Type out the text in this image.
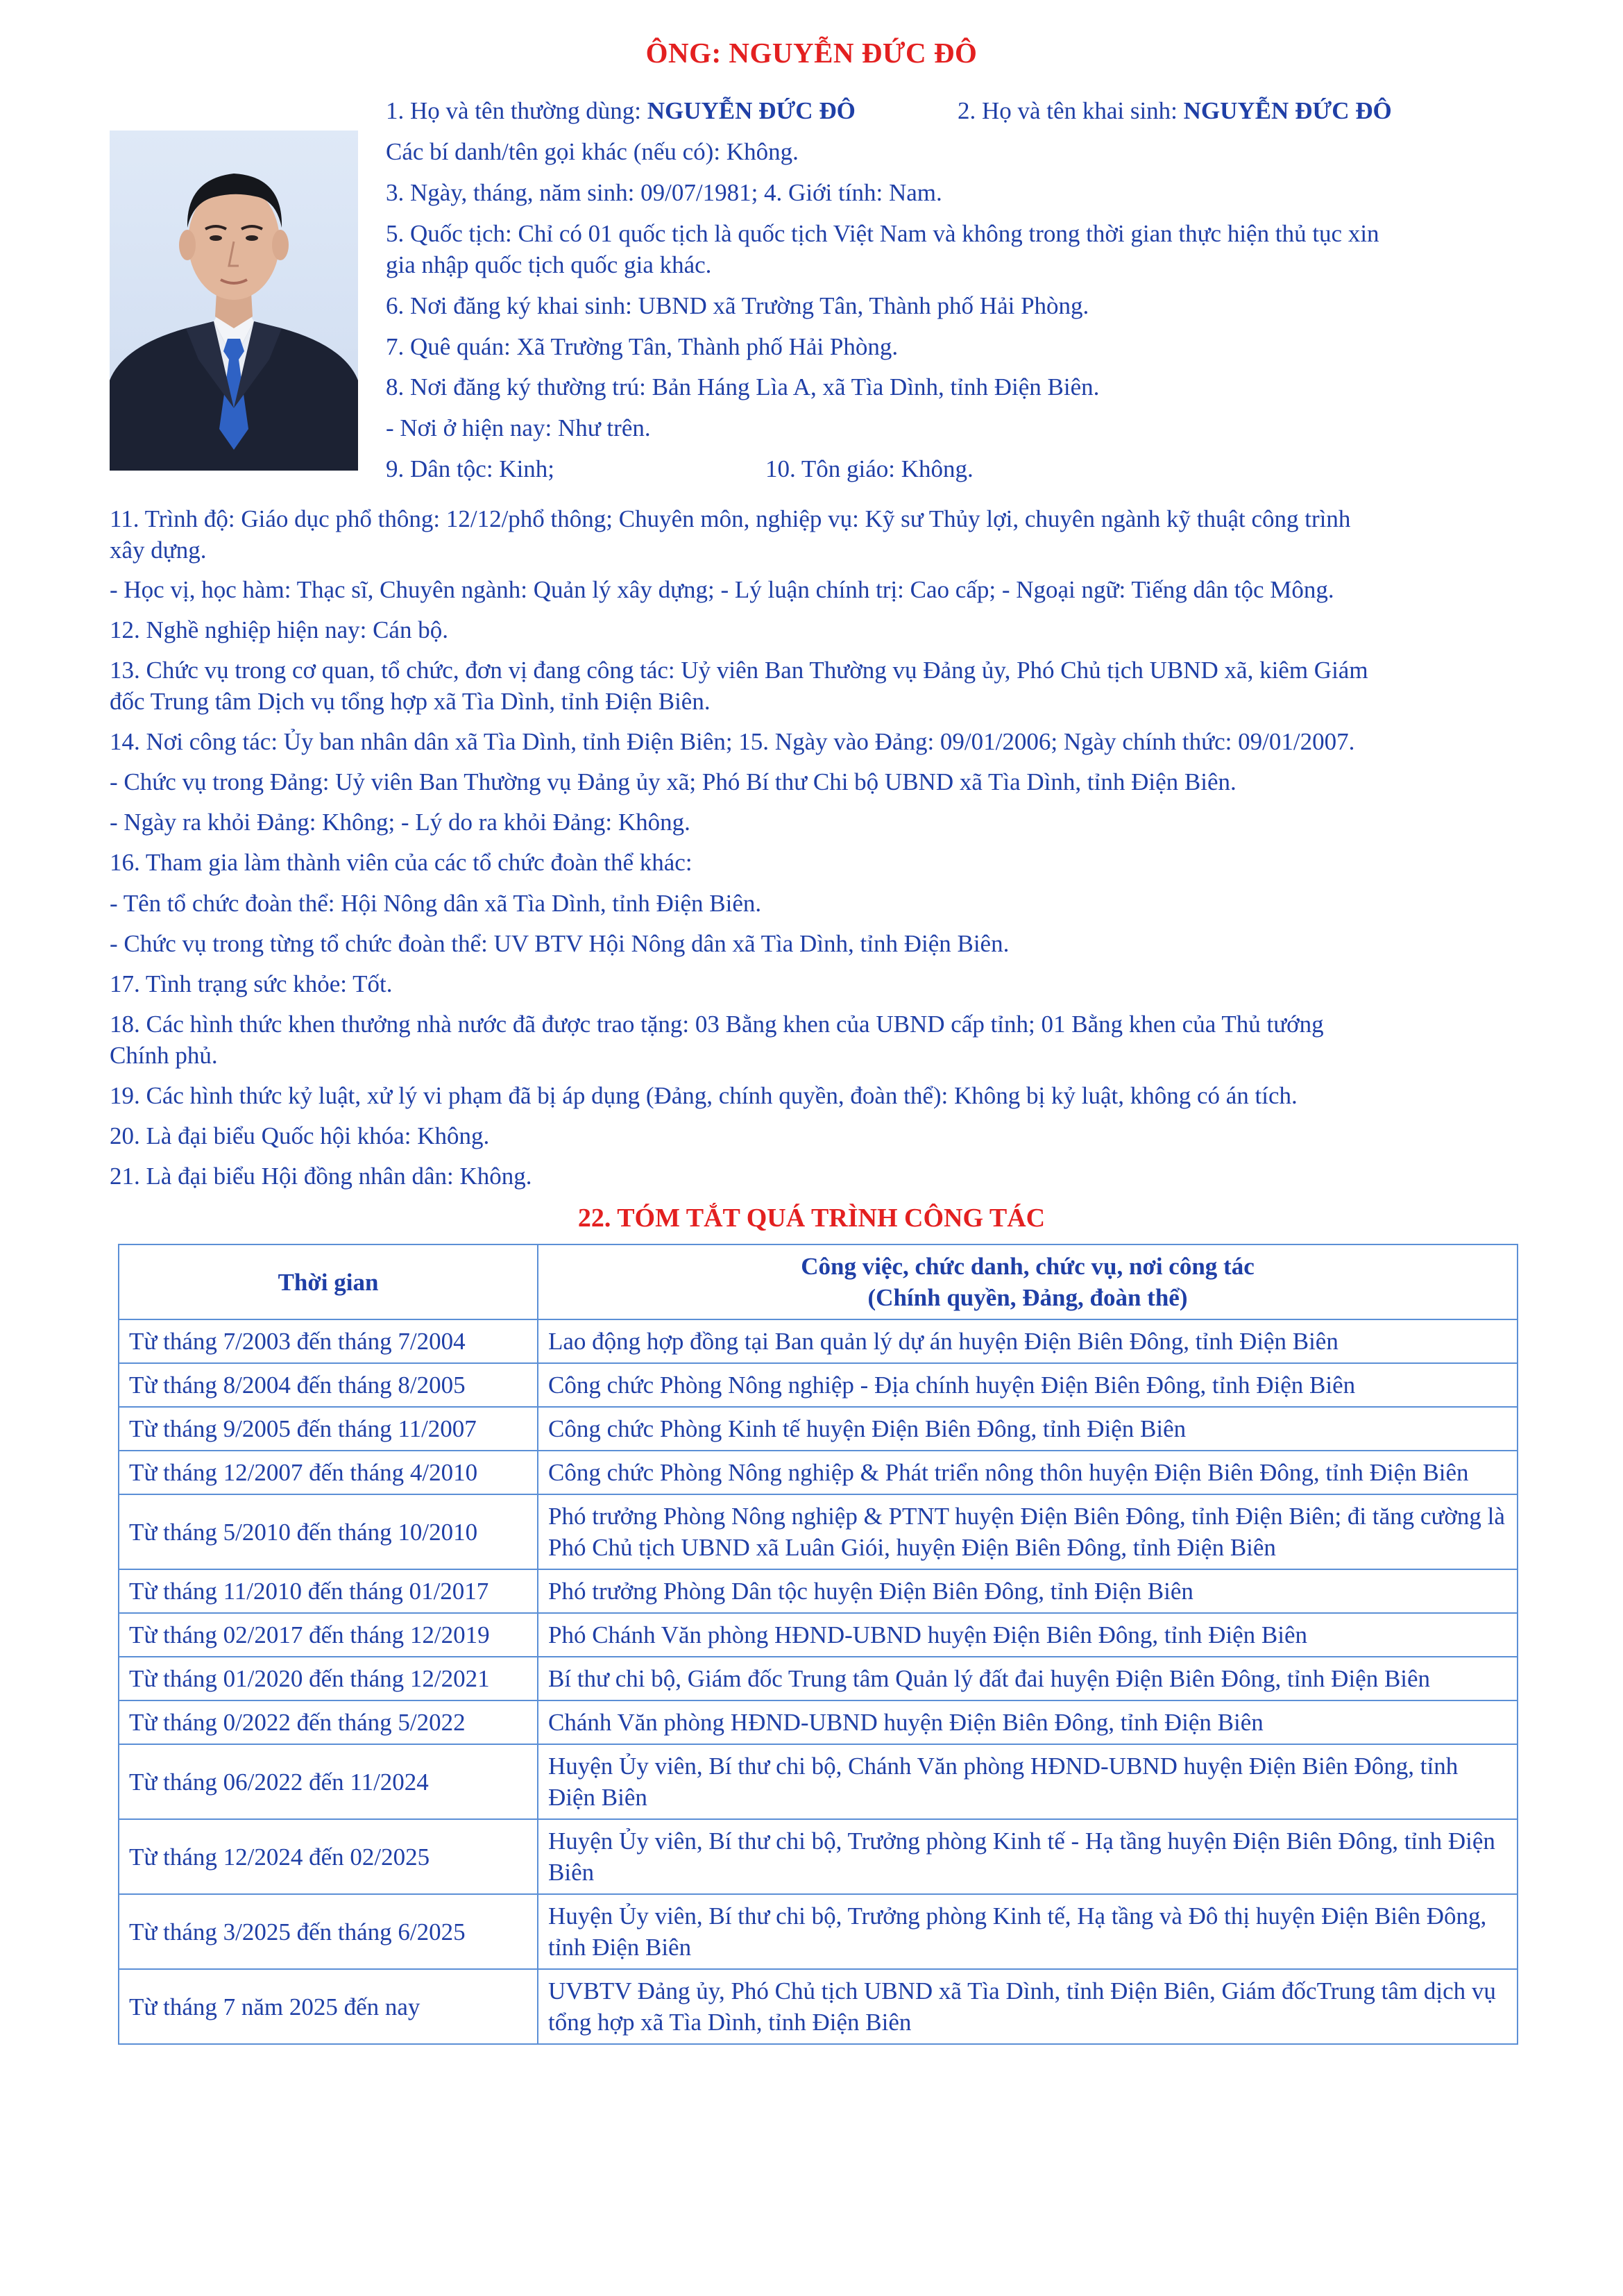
ÔNG: NGUYỄN ĐỨC ĐÔ
1. Họ và tên thường dùng: NGUYỄN ĐỨC ĐÔ	2. Họ và tên khai sinh: NGUYỄN ĐỨC ĐÔ
Các bí danh/tên gọi khác (nếu có): Không.
3. Ngày, tháng, năm sinh: 09/07/1981; 4. Giới tính: Nam.
5. Quốc tịch: Chỉ có 01 quốc tịch là quốc tịch Việt Nam và không trong thời gian thực hiện thủ tục xin
gia nhập quốc tịch quốc gia khác.
6. Nơi đăng ký khai sinh: UBND xã Trường Tân, Thành phố Hải Phòng.
7. Quê quán: Xã Trường Tân, Thành phố Hải Phòng.
8. Nơi đăng ký thường trú: Bản Háng Lìa A, xã Tìa Dình, tỉnh Điện Biên.
- Nơi ở hiện nay: Như trên.
9. Dân tộc: Kinh;	10. Tôn giáo: Không.
11. Trình độ: Giáo dục phổ thông: 12/12/phổ thông; Chuyên môn, nghiệp vụ: Kỹ sư Thủy lợi, chuyên ngành kỹ thuật công trình
xây dựng.
- Học vị, học hàm: Thạc sĩ, Chuyên ngành: Quản lý xây dựng; - Lý luận chính trị: Cao cấp; - Ngoại ngữ: Tiếng dân tộc Mông.
12. Nghề nghiệp hiện nay: Cán bộ.
13. Chức vụ trong cơ quan, tổ chức, đơn vị đang công tác: Uỷ viên Ban Thường vụ Đảng ủy, Phó Chủ tịch UBND xã, kiêm Giám
đốc Trung tâm Dịch vụ tổng hợp xã Tìa Dình, tỉnh Điện Biên.
14. Nơi công tác: Ủy ban nhân dân xã Tìa Dình, tỉnh Điện Biên; 15. Ngày vào Đảng: 09/01/2006; Ngày chính thức: 09/01/2007.
- Chức vụ trong Đảng: Uỷ viên Ban Thường vụ Đảng ủy xã; Phó Bí thư Chi bộ UBND xã Tìa Dình, tỉnh Điện Biên.
- Ngày ra khỏi Đảng: Không; - Lý do ra khỏi Đảng: Không.
16. Tham gia làm thành viên của các tổ chức đoàn thể khác:
- Tên tổ chức đoàn thể: Hội Nông dân xã Tìa Dình, tỉnh Điện Biên.
- Chức vụ trong từng tổ chức đoàn thể: UV BTV Hội Nông dân xã Tìa Dình, tỉnh Điện Biên.
17. Tình trạng sức khỏe: Tốt.
18. Các hình thức khen thưởng nhà nước đã được trao tặng: 03 Bằng khen của UBND cấp tỉnh; 01 Bằng khen của Thủ tướng
Chính phủ.
19. Các hình thức kỷ luật, xử lý vi phạm đã bị áp dụng (Đảng, chính quyền, đoàn thể): Không bị kỷ luật, không có án tích.
20. Là đại biểu Quốc hội khóa: Không.
21. Là đại biểu Hội đồng nhân dân: Không.
22. TÓM TẮT QUÁ TRÌNH CÔNG TÁC
Thời gian	Công việc, chức danh, chức vụ, nơi công tác
(Chính quyền, Đảng, đoàn thể)

Từ tháng 7/2003 đến tháng 7/2004	Lao động hợp đồng tại Ban quản lý dự án huyện Điện Biên Đông, tỉnh Điện Biên
Từ tháng 8/2004 đến tháng 8/2005	Công chức Phòng Nông nghiệp - Địa chính huyện Điện Biên Đông, tỉnh Điện Biên
Từ tháng 9/2005 đến tháng 11/2007	Công chức Phòng Kinh tế huyện Điện Biên Đông, tỉnh Điện Biên
Từ tháng 12/2007 đến tháng 4/2010	Công chức Phòng Nông nghiệp & Phát triển nông thôn huyện Điện Biên Đông, tỉnh Điện Biên
Từ tháng 5/2010 đến tháng 10/2010	Phó trưởng Phòng Nông nghiệp & PTNT huyện Điện Biên Đông, tỉnh Điện Biên; đi tăng cường là Phó Chủ tịch UBND xã Luân Giói, huyện Điện Biên Đông, tỉnh Điện Biên
Từ tháng 11/2010 đến tháng 01/2017	Phó trưởng Phòng Dân tộc huyện Điện Biên Đông, tỉnh Điện Biên
Từ tháng 02/2017 đến tháng 12/2019	Phó Chánh Văn phòng HĐND-UBND huyện Điện Biên Đông, tỉnh Điện Biên
Từ tháng 01/2020 đến tháng 12/2021	Bí thư chi bộ, Giám đốc Trung tâm Quản lý đất đai huyện Điện Biên Đông, tỉnh Điện Biên
Từ tháng 0/2022 đến tháng 5/2022	Chánh Văn phòng HĐND-UBND huyện Điện Biên Đông, tỉnh Điện Biên
Từ tháng 06/2022 đến 11/2024	Huyện Ủy viên, Bí thư chi bộ, Chánh Văn phòng HĐND-UBND huyện Điện Biên Đông, tỉnh Điện Biên
Từ tháng 12/2024 đến 02/2025	Huyện Ủy viên, Bí thư chi bộ, Trưởng phòng Kinh tế - Hạ tầng huyện Điện Biên Đông, tỉnh Điện Biên
Từ tháng 3/2025 đến tháng 6/2025	Huyện Ủy viên, Bí thư chi bộ, Trưởng phòng Kinh tế, Hạ tầng và Đô thị huyện Điện Biên Đông, tỉnh Điện Biên
Từ tháng 7 năm 2025 đến nay	UVBTV Đảng ủy, Phó Chủ tịch UBND xã Tìa Dình, tỉnh Điện Biên, Giám đốcTrung tâm dịch vụ tổng hợp xã Tìa Dình, tỉnh Điện Biên
